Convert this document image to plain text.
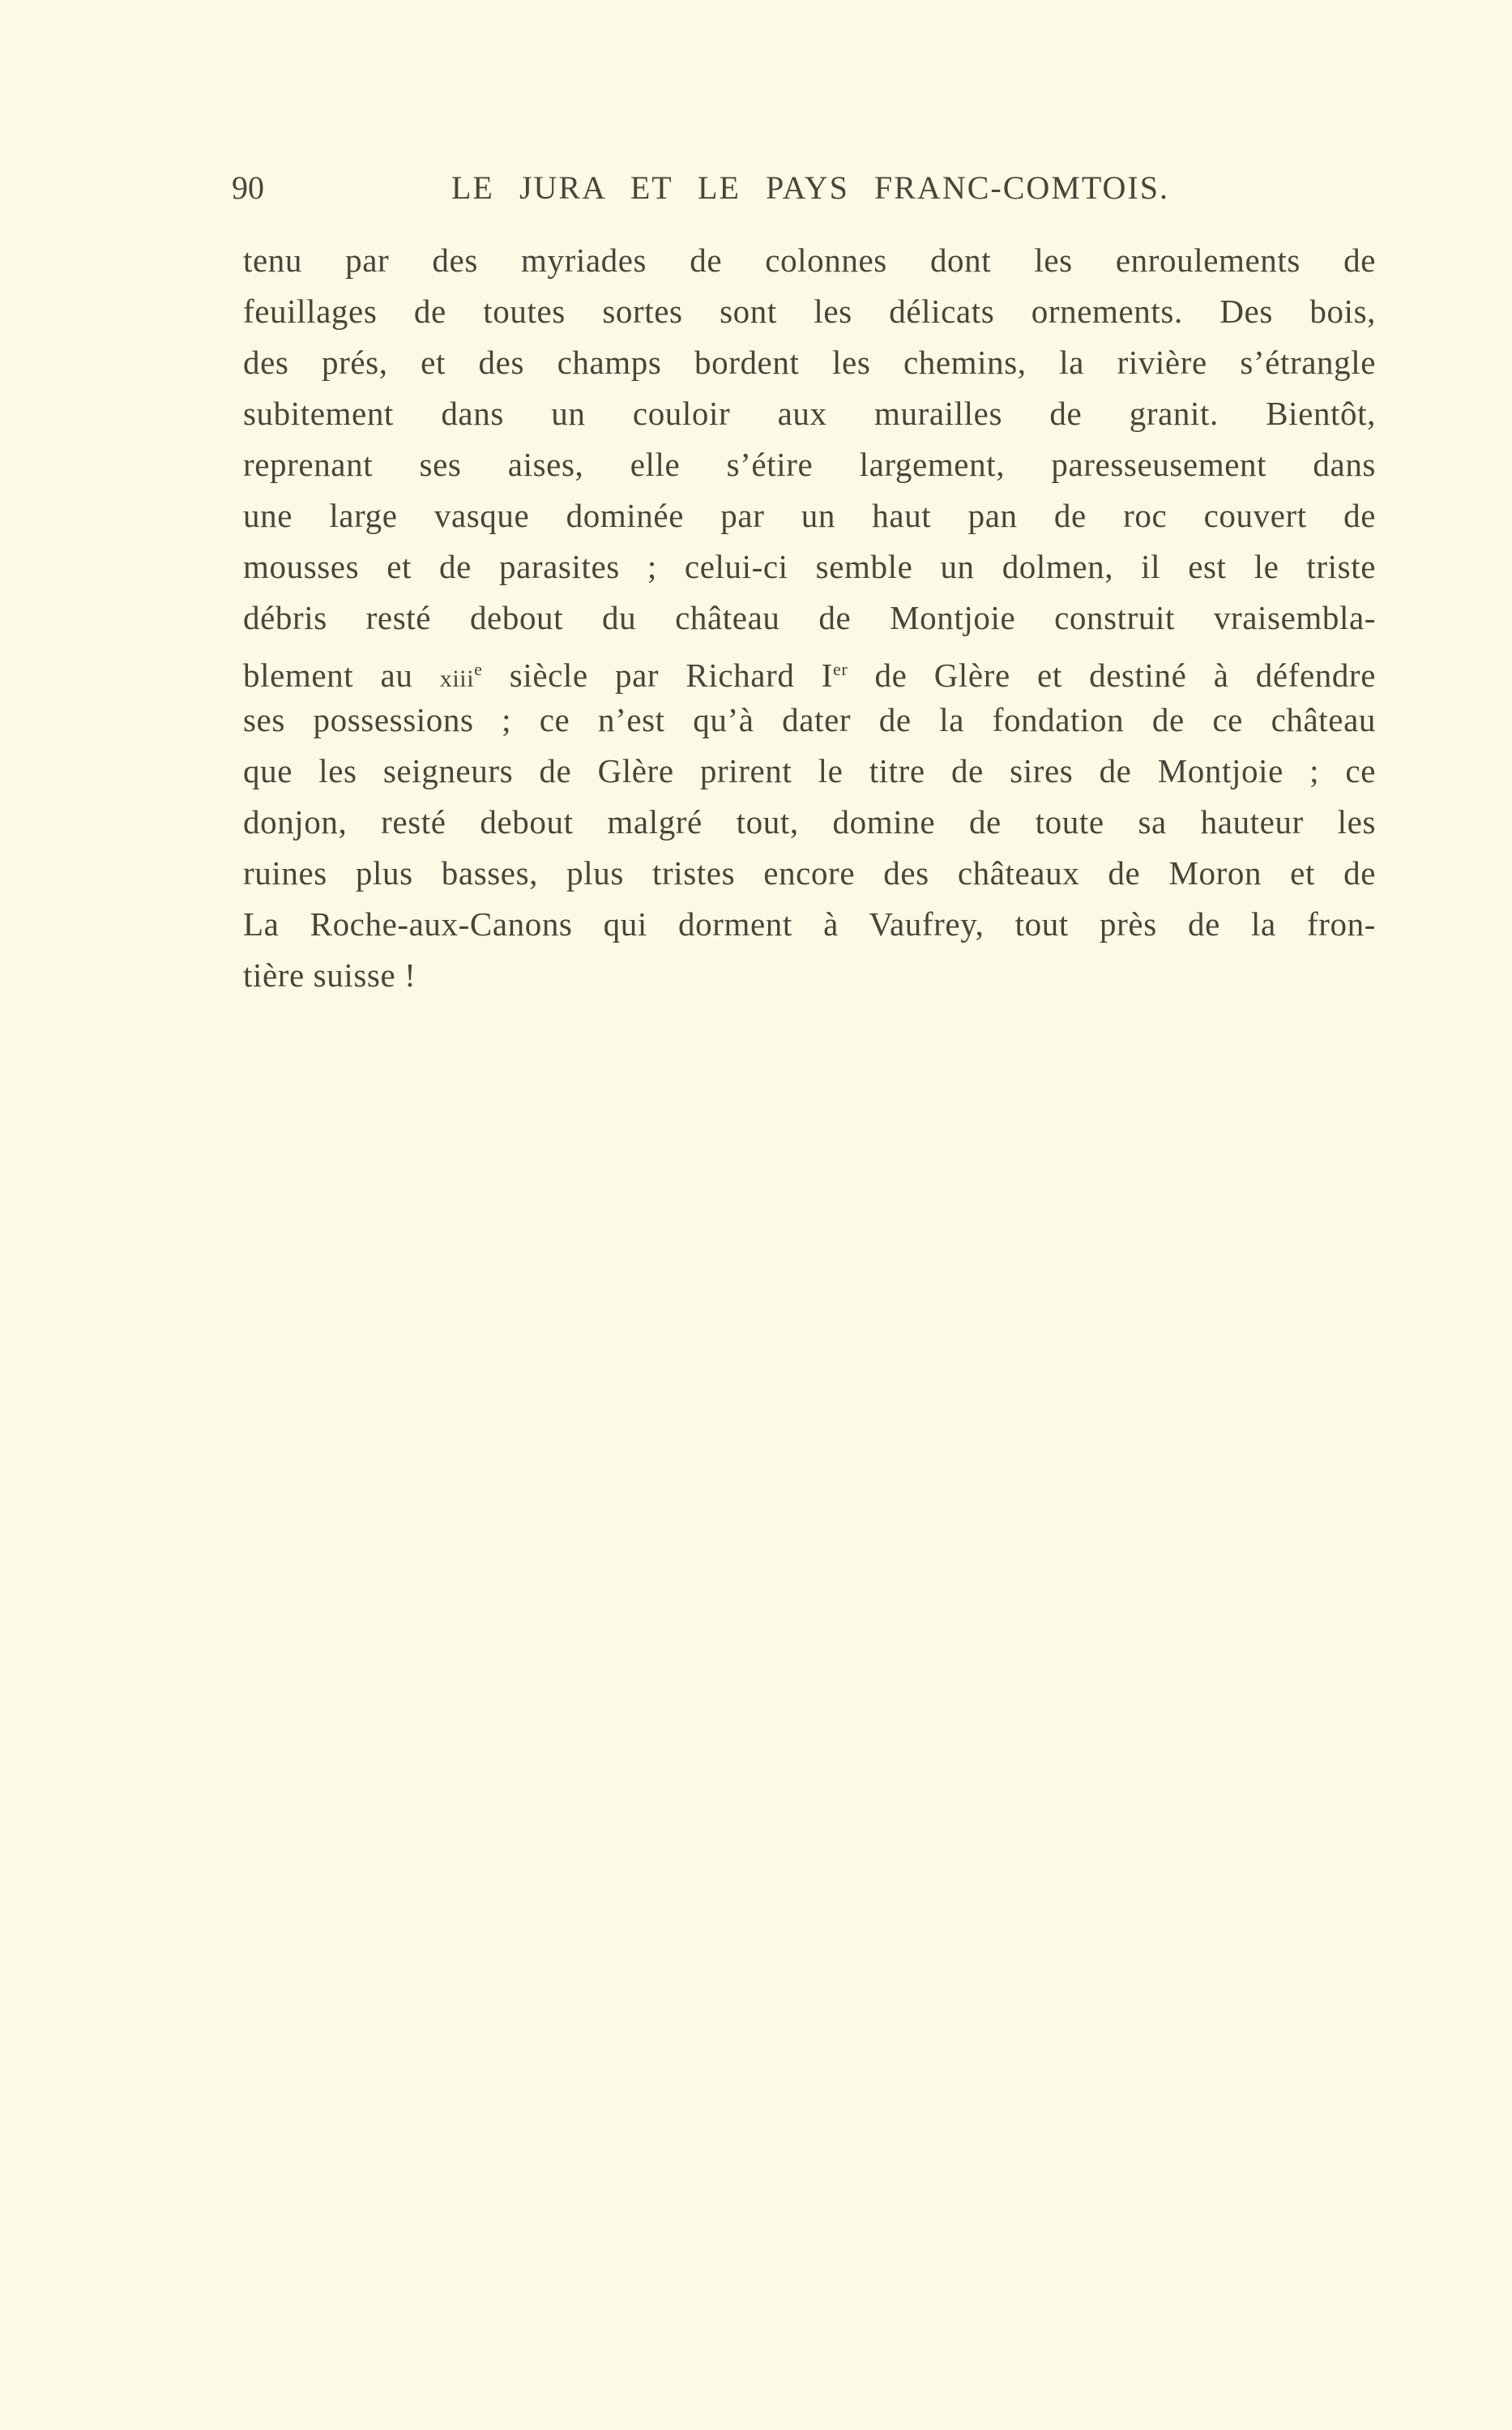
90	LE JURA ET LE PAYS FRANC-COMTOIS.
tenu par des myriades de colonnes dont les enroulements de
feuillages de toutes sortes sont les délicats ornements. Des bois,
des prés, et des champs bordent les chemins, la rivière s’étrangle
subitement dans un couloir aux murailles de granit. Bientôt,
reprenant ses aises, elle s’étire largement, paresseusement dans
une large vasque dominée par un haut pan de roc couvert de
mousses et de parasites ; celui-ci semble un dolmen, il est le triste
débris resté debout du château de Montjoie construit vraisembla-
blement au xiii$^e$ siècle par Richard Ier de Glère et destiné à défendre
ses possessions ; ce n’est qu’à dater de la fondation de ce château
que les seigneurs de Glère prirent le titre de sires de Montjoie ; ce
donjon, resté debout malgré tout, domine de toute sa hauteur les
ruines plus basses, plus tristes encore des châteaux de Moron et de
La Roche-aux-Canons qui dorment à Vaufrey, tout près de la fron-
tière suisse !
